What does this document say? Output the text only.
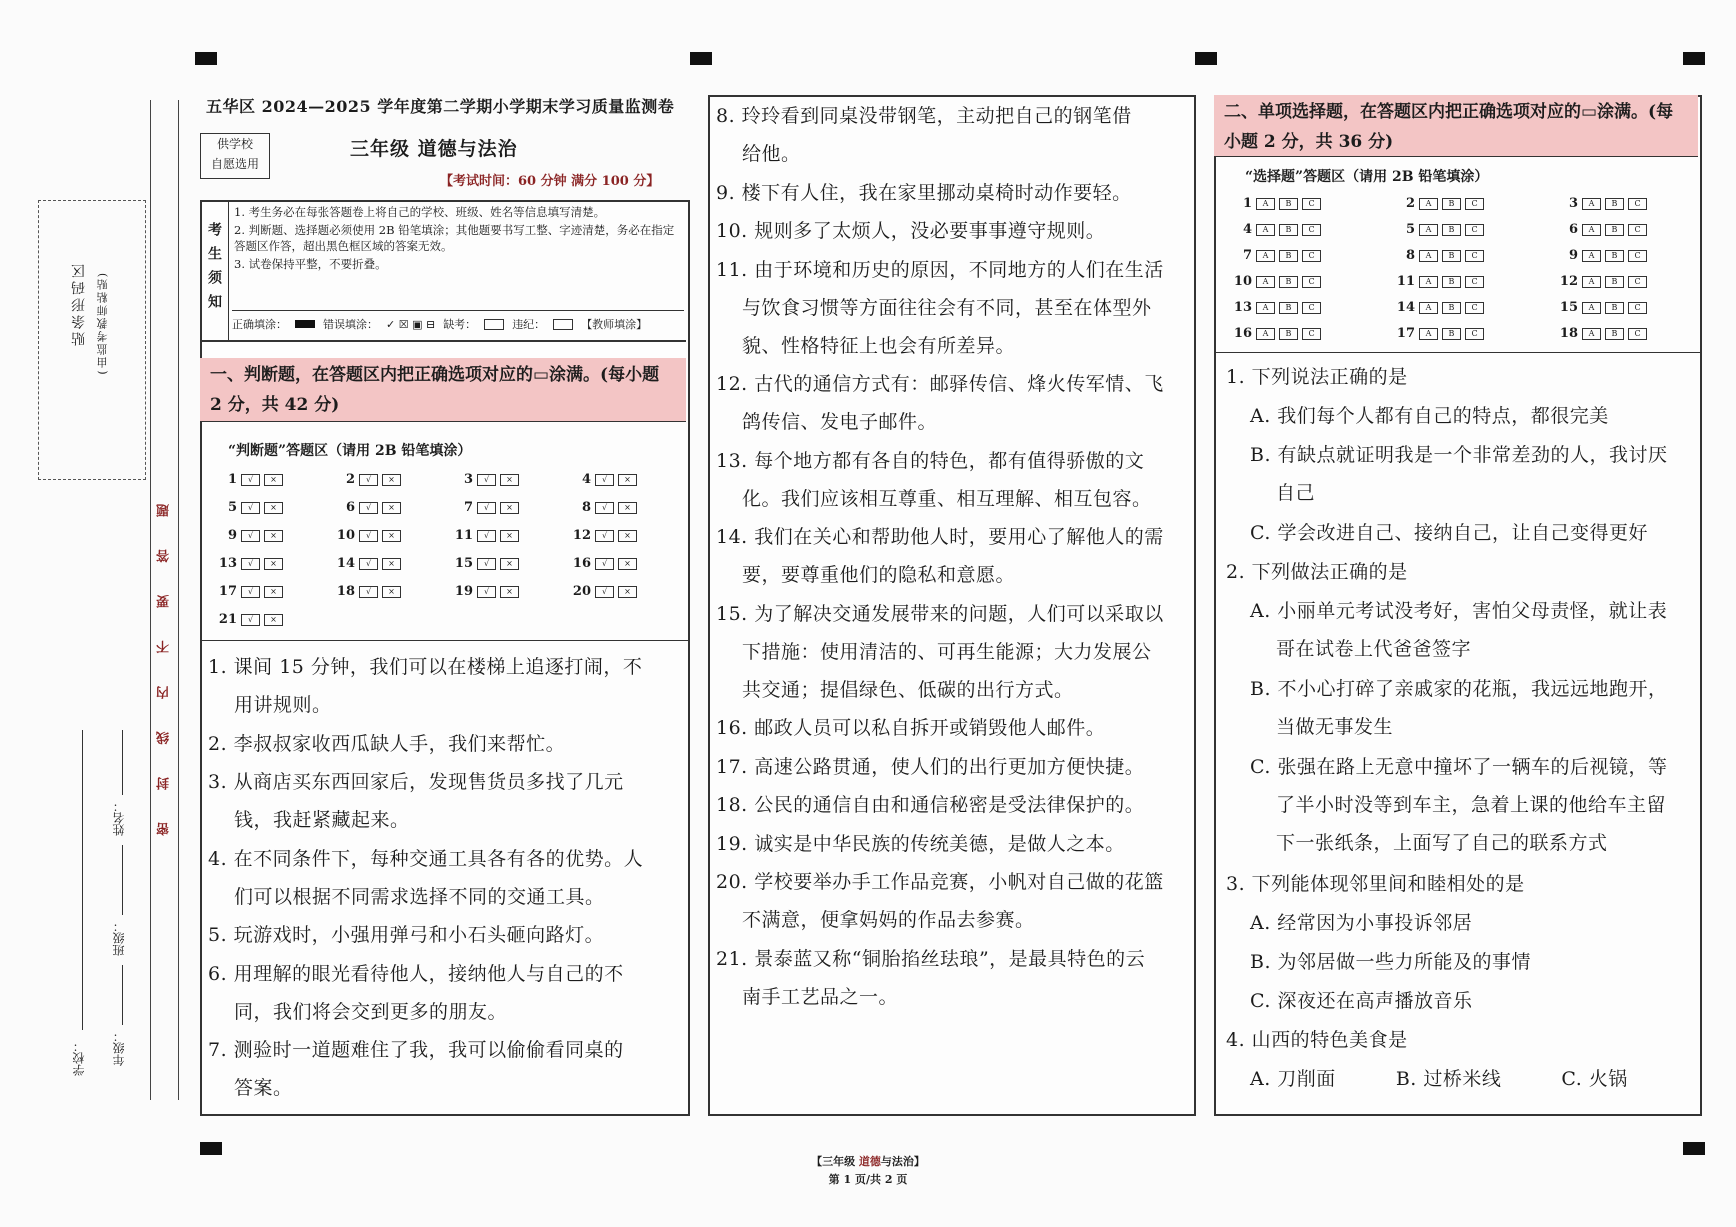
贴条形码区 (由监考教师粘贴)
密 封 线 内 不 要 答 题
学校： 年级：
班级：
姓名：
五华区 2024—2025 学年度第二学期小学期末学习质量监测卷
供学校
自愿选用
三年级 道德与法治
【考试时间：60 分钟 满分 100 分】
考生须知
1. 考生务必在每张答题卷上将自己的学校、班级、姓名等信息填写清楚。
2. 判断题、选择题必须使用 2B 铅笔填涂；其他题要书写工整、字迹清楚，务必在指定答题区作答，超出黑色框区域的答案无效。
3. 试卷保持平整，不要折叠。
正确填涂：	错误填涂： ✓ ☒ ▣ ⊟ 缺考：	违纪：	【教师填涂】
一、判断题，在答题区内把正确选项对应的▭涂满。(每小题 2 分，共 42 分)
“判断题”答题区（请用 2B 铅笔填涂）
1	√	×	2	√	×	3	√	×	4	√	×
5	√	×	6	√	×	7	√	×	8	√	×
9	√	×	10	√	×	11	√	×	12	√	×
13	√	×	14	√	×	15	√	×	16	√	×
17	√	×	18	√	×	19	√	×	20	√	×
21	√	×
1. 课间 15 分钟，我们可以在楼梯上追逐打闹，不
用讲规则。
2. 李叔叔家收西瓜缺人手，我们来帮忙。
3. 从商店买东西回家后，发现售货员多找了几元
钱，我赶紧藏起来。
4. 在不同条件下，每种交通工具各有各的优势。人
们可以根据不同需求选择不同的交通工具。
5. 玩游戏时，小强用弹弓和小石头砸向路灯。
6. 用理解的眼光看待他人，接纳他人与自己的不
同，我们将会交到更多的朋友。
7. 测验时一道题难住了我，我可以偷偷看同桌的
答案。
8. 玲玲看到同桌没带钢笔，主动把自己的钢笔借
给他。
9. 楼下有人住，我在家里挪动桌椅时动作要轻。
10. 规则多了太烦人，没必要事事遵守规则。
11. 由于环境和历史的原因，不同地方的人们在生活
与饮食习惯等方面往往会有不同，甚至在体型外
貌、性格特征上也会有所差异。
12. 古代的通信方式有：邮驿传信、烽火传军情、飞
鸽传信、发电子邮件。
13. 每个地方都有各自的特色，都有值得骄傲的文
化。我们应该相互尊重、相互理解、相互包容。
14. 我们在关心和帮助他人时，要用心了解他人的需
要，要尊重他们的隐私和意愿。
15. 为了解决交通发展带来的问题，人们可以采取以
下措施：使用清洁的、可再生能源；大力发展公
共交通；提倡绿色、低碳的出行方式。
16. 邮政人员可以私自拆开或销毁他人邮件。
17. 高速公路贯通，使人们的出行更加方便快捷。
18. 公民的通信自由和通信秘密是受法律保护的。
19. 诚实是中华民族的传统美德，是做人之本。
20. 学校要举办手工作品竞赛，小帆对自己做的花篮
不满意，便拿妈妈的作品去参赛。
21. 景泰蓝又称“铜胎掐丝珐琅”，是最具特色的云
南手工艺品之一。
二、单项选择题，在答题区内把正确选项对应的▭涂满。(每小题 2 分，共 36 分)
“选择题”答题区（请用 2B 铅笔填涂）
1	A	B	C	2	A	B	C	3	A	B	C
4	A	B	C	5	A	B	C	6	A	B	C
7	A	B	C	8	A	B	C	9	A	B	C
10	A	B	C	11	A	B	C	12	A	B	C
13	A	B	C	14	A	B	C	15	A	B	C
16	A	B	C	17	A	B	C	18	A	B	C
1. 下列说法正确的是
A. 我们每个人都有自己的特点，都很完美
B. 有缺点就证明我是一个非常差劲的人，我讨厌
自己
C. 学会改进自己、接纳自己，让自己变得更好
2. 下列做法正确的是
A. 小丽单元考试没考好，害怕父母责怪，就让表
哥在试卷上代爸爸签字
B. 不小心打碎了亲戚家的花瓶，我远远地跑开，
当做无事发生
C. 张强在路上无意中撞坏了一辆车的后视镜，等
了半小时没等到车主，急着上课的他给车主留
下一张纸条，上面写了自己的联系方式
3. 下列能体现邻里间和睦相处的是
A. 经常因为小事投诉邻居
B. 为邻居做一些力所能及的事情
C. 深夜还在高声播放音乐
4. 山西的特色美食是
A. 刀削面	B. 过桥米线	C. 火锅
【三年级 道德与法治】
第 1 页/共 2 页
